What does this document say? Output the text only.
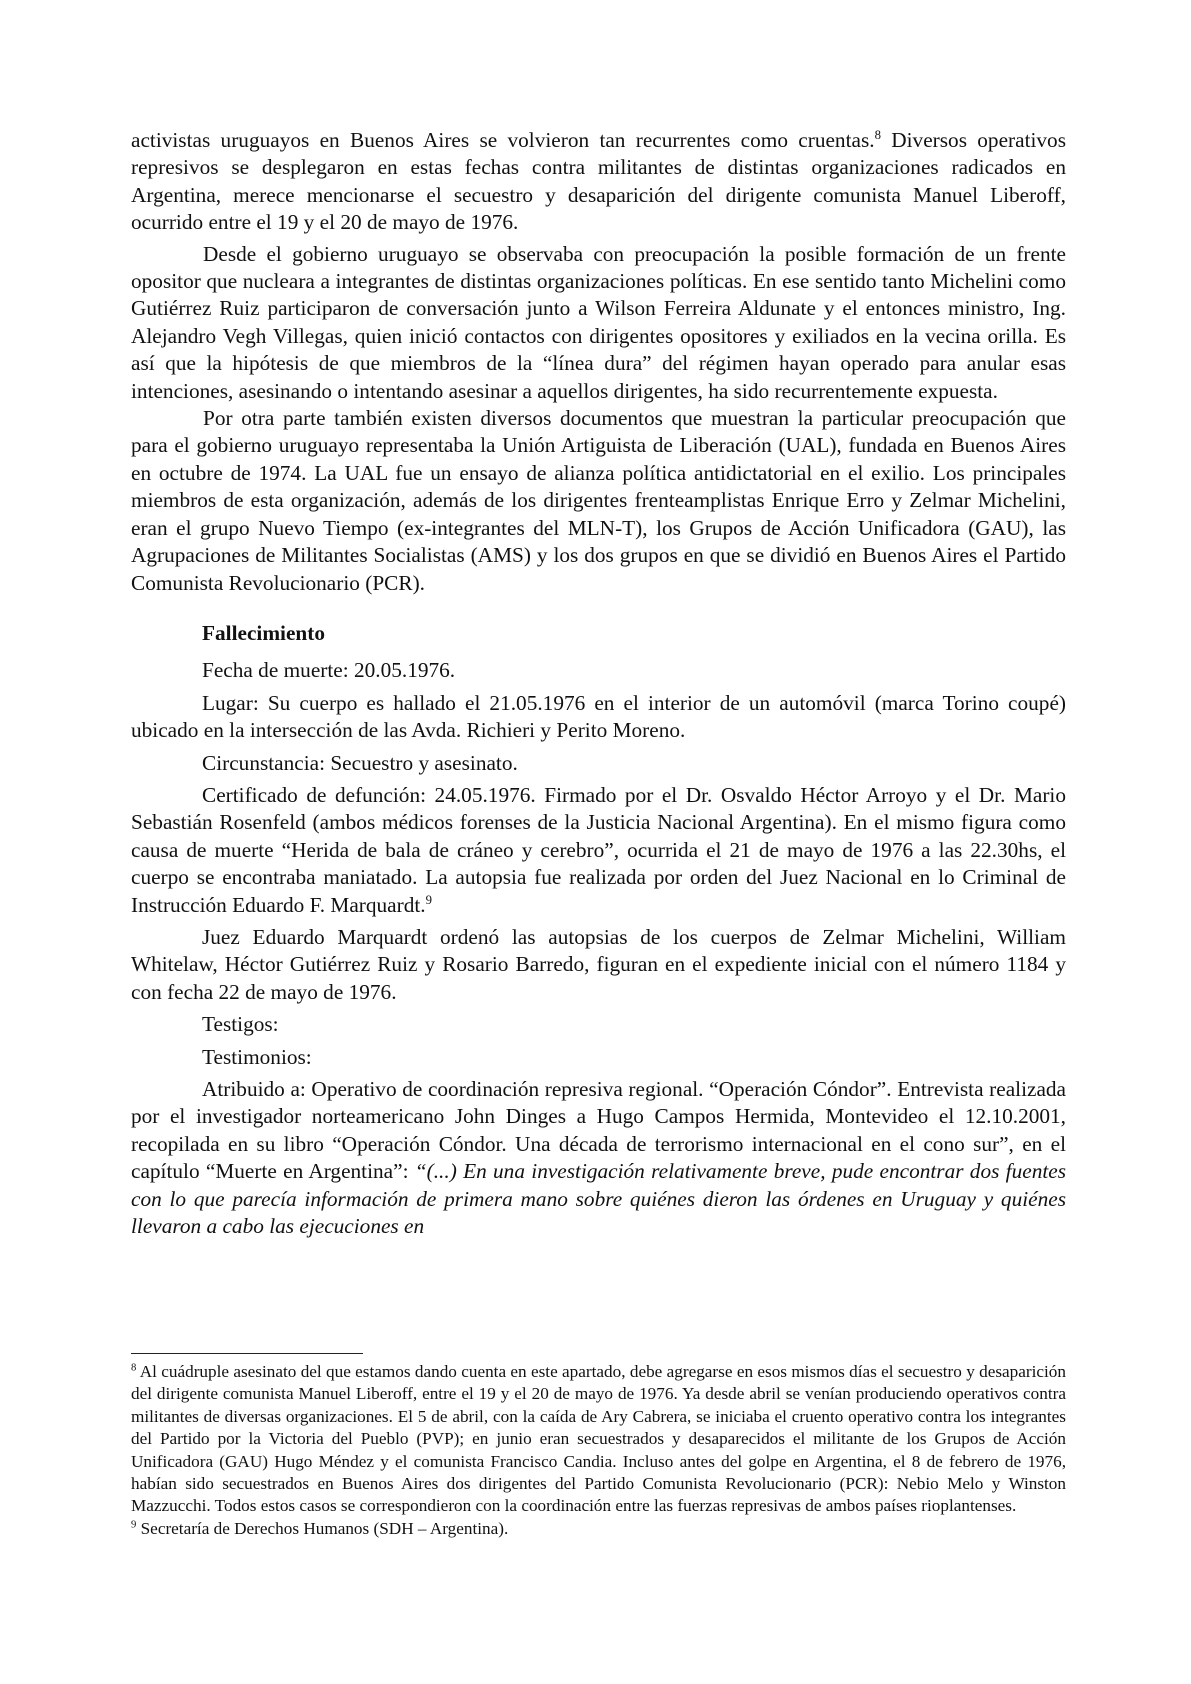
activistas uruguayos en Buenos Aires se volvieron tan recurrentes como cruentas.$^8$ Diversos operativos represivos se desplegaron en estas fechas contra militantes de distintas organizaciones radicados en Argentina, merece mencionarse el secuestro y desaparición del dirigente comunista Manuel Liberoff, ocurrido entre el 19 y el 20 de mayo de 1976.

Desde el gobierno uruguayo se observaba con preocupación la posible formación de un frente opositor que nucleara a integrantes de distintas organizaciones políticas. En ese sentido tanto Michelini como Gutiérrez Ruiz participaron de conversación junto a Wilson Ferreira Aldunate y el entonces ministro, Ing. Alejandro Vegh Villegas, quien inició contactos con dirigentes opositores y exiliados en la vecina orilla. Es así que la hipótesis de que miembros de la “línea dura” del régimen hayan operado para anular esas intenciones, asesinando o intentando asesinar a aquellos dirigentes, ha sido recurrentemente expuesta.

Por otra parte también existen diversos documentos que muestran la particular preocupación que para el gobierno uruguayo representaba la Unión Artiguista de Liberación (UAL), fundada en Buenos Aires en octubre de 1974. La UAL fue un ensayo de alianza política antidictatorial en el exilio. Los principales miembros de esta organización, además de los dirigentes frenteamplistas Enrique Erro y Zelmar Michelini, eran el grupo Nuevo Tiempo (ex-integrantes del MLN-T), los Grupos de Acción Unificadora (GAU), las Agrupaciones de Militantes Socialistas (AMS) y los dos grupos en que se dividió en Buenos Aires el Partido Comunista Revolucionario (PCR).

Fallecimiento

Fecha de muerte: 20.05.1976.

Lugar: Su cuerpo es hallado el 21.05.1976 en el interior de un automóvil (marca Torino coupé) ubicado en la intersección de las Avda. Richieri y Perito Moreno.

Circunstancia: Secuestro y asesinato.

Certificado de defunción: 24.05.1976. Firmado por el Dr. Osvaldo Héctor Arroyo y el Dr. Mario Sebastián Rosenfeld (ambos médicos forenses de la Justicia Nacional Argentina). En el mismo figura como causa de muerte “Herida de bala de cráneo y cerebro”, ocurrida el 21 de mayo de 1976 a las 22.30hs, el cuerpo se encontraba maniatado. La autopsia fue realizada por orden del Juez Nacional en lo Criminal de Instrucción Eduardo F. Marquardt.$^9$

Juez Eduardo Marquardt ordenó las autopsias de los cuerpos de Zelmar Michelini, William Whitelaw, Héctor Gutiérrez Ruiz y Rosario Barredo, figuran en el expediente inicial con el número 1184 y con fecha 22 de mayo de 1976.

Testigos:

Testimonios:

Atribuido a: Operativo de coordinación represiva regional. “Operación Cóndor”. Entrevista realizada por el investigador norteamericano John Dinges a Hugo Campos Hermida, Montevideo el 12.10.2001, recopilada en su libro “Operación Cóndor. Una década de terrorismo internacional en el cono sur”, en el capítulo “Muerte en Argentina”: “(...) En una investigación relativamente breve, pude encontrar dos fuentes con lo que parecía información de primera mano sobre quiénes dieron las órdenes en Uruguay y quiénes llevaron a cabo las ejecuciones en

$^8$ Al cuádruple asesinato del que estamos dando cuenta en este apartado, debe agregarse en esos mismos días el secuestro y desaparición del dirigente comunista Manuel Liberoff, entre el 19 y el 20 de mayo de 1976. Ya desde abril se venían produciendo operativos contra militantes de diversas organizaciones. El 5 de abril, con la caída de Ary Cabrera, se iniciaba el cruento operativo contra los integrantes del Partido por la Victoria del Pueblo (PVP); en junio eran secuestrados y desaparecidos el militante de los Grupos de Acción Unificadora (GAU) Hugo Méndez y el comunista Francisco Candia. Incluso antes del golpe en Argentina, el 8 de febrero de 1976, habían sido secuestrados en Buenos Aires dos dirigentes del Partido Comunista Revolucionario (PCR): Nebio Melo y Winston Mazzucchi. Todos estos casos se correspondieron con la coordinación entre las fuerzas represivas de ambos países rioplantenses.

$^9$ Secretaría de Derechos Humanos (SDH – Argentina).
